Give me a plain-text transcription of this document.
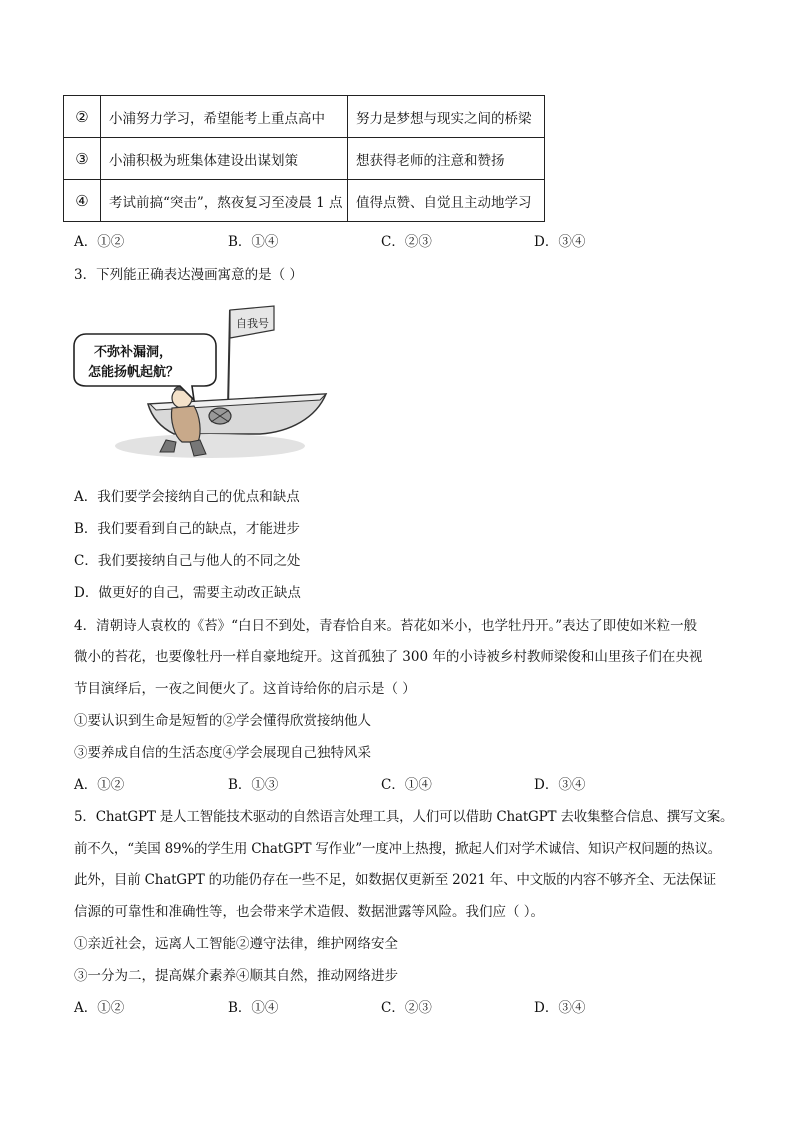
②	小浦努力学习，希望能考上重点高中	努力是梦想与现实之间的桥梁
③	小浦积极为班集体建设出谋划策	想获得老师的注意和赞扬
④	考试前搞“突击”，熬夜复习至凌晨 1 点	值得点赞、自觉且主动地学习
A．①②	B．①④	C．②③	D．③④
3．下列能正确表达漫画寓意的是（ ）
自我号
不弥补漏洞，
怎能扬帆起航？
A．我们要学会接纳自己的优点和缺点
B．我们要看到自己的缺点，才能进步
C．我们要接纳自己与他人的不同之处
D．做更好的自己，需要主动改正缺点
4．清朝诗人袁枚的《苔》“白日不到处，青春恰自来。苔花如米小，也学牡丹开。”表达了即使如米粒一般
微小的苔花，也要像牡丹一样自豪地绽开。这首孤独了 300 年的小诗被乡村教师梁俊和山里孩子们在央视
节目演绎后，一夜之间便火了。这首诗给你的启示是（ ）
①要认识到生命是短暂的②学会懂得欣赏接纳他人
③要养成自信的生活态度④学会展现自己独特风采
A．①②	B．①③	C．①④	D．③④
5．ChatGPT 是人工智能技术驱动的自然语言处理工具，人们可以借助 ChatGPT 去收集整合信息、撰写文案。
前不久，“美国 89%的学生用 ChatGPT 写作业”一度冲上热搜，掀起人们对学术诚信、知识产权问题的热议。
此外，目前 ChatGPT 的功能仍存在一些不足，如数据仅更新至 2021 年、中文版的内容不够齐全、无法保证
信源的可靠性和准确性等，也会带来学术造假、数据泄露等风险。我们应（ ）。
①亲近社会，远离人工智能②遵守法律，维护网络安全
③一分为二，提高媒介素养④顺其自然，推动网络进步
A．①②	B．①④	C．②③	D．③④
